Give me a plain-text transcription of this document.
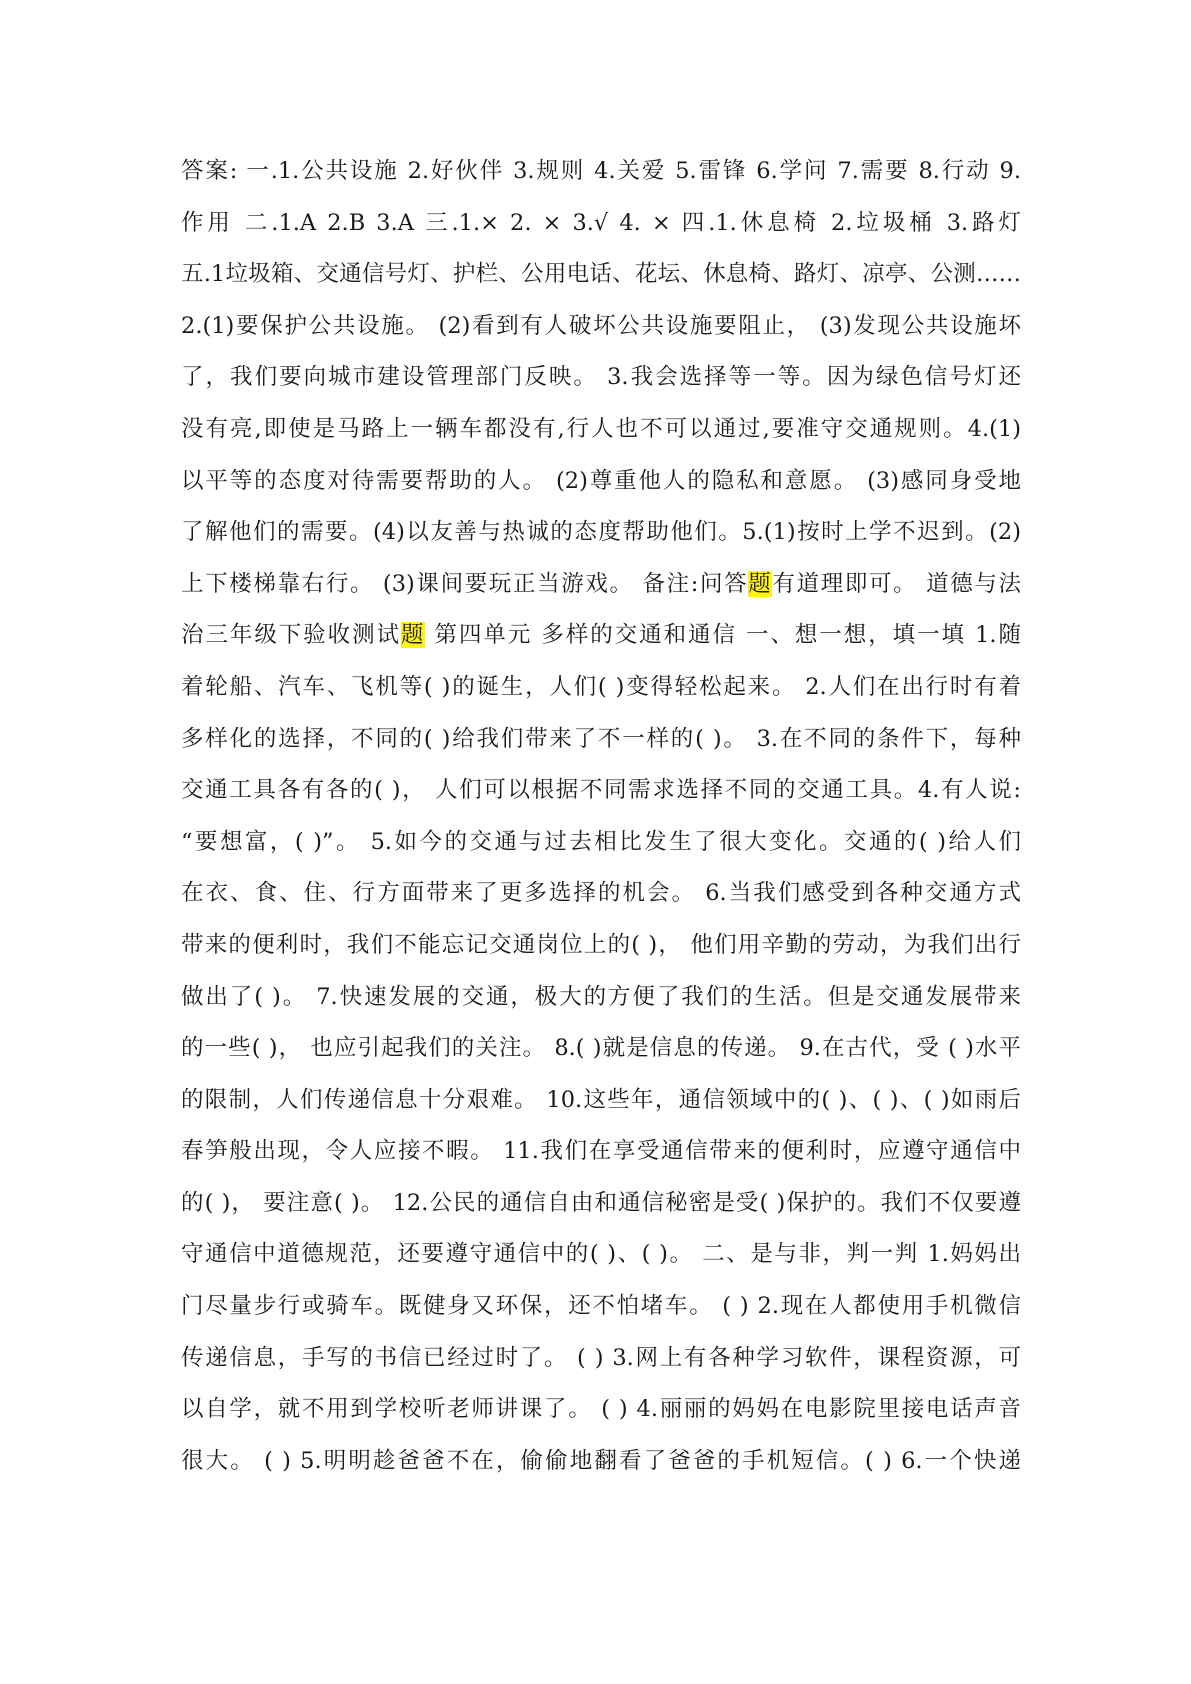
答案: 一.1.公共设施 2.好伙伴 3.规则 4.关爱 5.雷锋 6.学问 7.需要 8.行动 9.
作用 二.1.A 2.B 3.A 三.1.× 2. × 3.√ 4. × 四.1.休息椅 2.垃圾桶 3.路灯
五.1垃圾箱、交通信号灯、护栏、公用电话、花坛、休息椅、路灯、凉亭、公测……
2.(1)要保护公共设施。 (2)看到有人破坏公共设施要阻止， (3)发现公共设施坏
了，我们要向城市建设管理部门反映。 3.我会选择等一等。因为绿色信号灯还
没有亮,即使是马路上一辆车都没有,行人也不可以通过,要准守交通规则。4.(1)
以平等的态度对待需要帮助的人。 (2)尊重他人的隐私和意愿。 (3)感同身受地
了解他们的需要。(4)以友善与热诚的态度帮助他们。5.(1)按时上学不迟到。(2)
上下楼梯靠右行。 (3)课间要玩正当游戏。 备注:问答题有道理即可。 道德与法
治三年级下验收测试题 第四单元 多样的交通和通信 一、想一想，填一填 1.随
着轮船、汽车、飞机等( )的诞生，人们( )变得轻松起来。 2.人们在出行时有着
多样化的选择，不同的( )给我们带来了不一样的( )。 3.在不同的条件下，每种
交通工具各有各的( )， 人们可以根据不同需求选择不同的交通工具。4.有人说:
“要想富，( )”。 5.如今的交通与过去相比发生了很大变化。交通的( )给人们
在衣、食、住、行方面带来了更多选择的机会。 6.当我们感受到各种交通方式
带来的便利时，我们不能忘记交通岗位上的( )， 他们用辛勤的劳动，为我们出行
做出了( )。 7.快速发展的交通，极大的方便了我们的生活。但是交通发展带来
的一些( )， 也应引起我们的关注。 8.( )就是信息的传递。 9.在古代，受 ( )水平
的限制，人们传递信息十分艰难。 10.这些年，通信领域中的( )、( )、( )如雨后
春笋般出现，令人应接不暇。 11.我们在享受通信带来的便利时，应遵守通信中
的( )， 要注意( )。 12.公民的通信自由和通信秘密是受( )保护的。我们不仅要遵
守通信中道德规范，还要遵守通信中的( )、( )。 二、是与非，判一判 1.妈妈出
门尽量步行或骑车。既健身又环保，还不怕堵车。 ( ) 2.现在人都使用手机微信
传递信息，手写的书信已经过时了。 ( ) 3.网上有各种学习软件，课程资源，可
以自学，就不用到学校听老师讲课了。 ( ) 4.丽丽的妈妈在电影院里接电话声音
很大。 ( ) 5.明明趁爸爸不在，偷偷地翻看了爸爸的手机短信。( ) 6.一个快递
